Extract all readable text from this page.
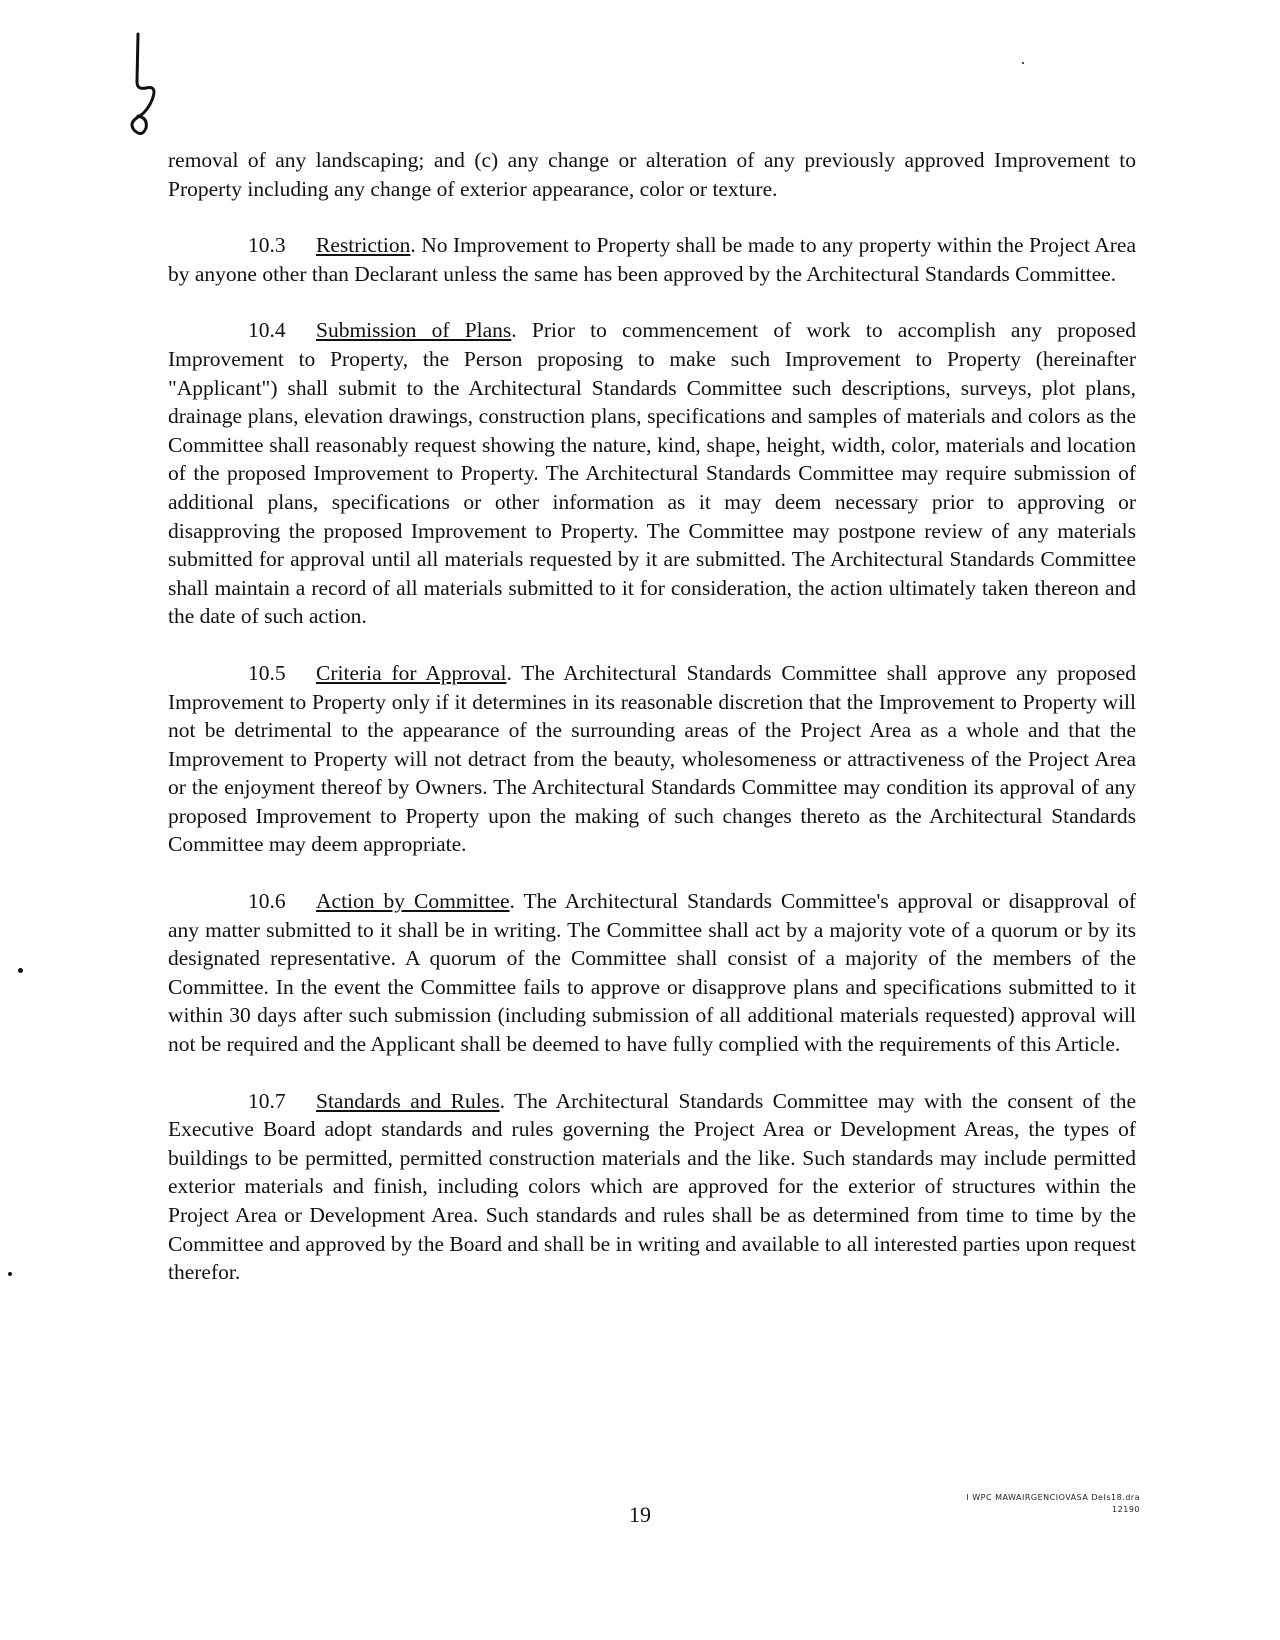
removal of any landscaping; and (c) any change or alteration of any previously approved Improvement to Property including any change of exterior appearance, color or texture.

10.3 Restriction. No Improvement to Property shall be made to any property within the Project Area by anyone other than Declarant unless the same has been approved by the Architectural Standards Committee.

10.4 Submission of Plans. Prior to commencement of work to accomplish any proposed Improvement to Property, the Person proposing to make such Improvement to Property (hereinafter "Applicant") shall submit to the Architectural Standards Committee such descriptions, surveys, plot plans, drainage plans, elevation drawings, construction plans, specifications and samples of materials and colors as the Committee shall reasonably request showing the nature, kind, shape, height, width, color, materials and location of the proposed Improvement to Property. The Architectural Standards Committee may require submission of additional plans, specifications or other information as it may deem necessary prior to approving or disapproving the proposed Improvement to Property. The Committee may postpone review of any materials submitted for approval until all materials requested by it are submitted. The Architectural Standards Committee shall maintain a record of all materials submitted to it for consideration, the action ultimately taken thereon and the date of such action.

10.5 Criteria for Approval. The Architectural Standards Committee shall approve any proposed Improvement to Property only if it determines in its reasonable discretion that the Improvement to Property will not be detrimental to the appearance of the surrounding areas of the Project Area as a whole and that the Improvement to Property will not detract from the beauty, wholesomeness or attractiveness of the Project Area or the enjoyment thereof by Owners. The Architectural Standards Committee may condition its approval of any proposed Improvement to Property upon the making of such changes thereto as the Architectural Standards Committee may deem appropriate.

10.6 Action by Committee. The Architectural Standards Committee's approval or disapproval of any matter submitted to it shall be in writing. The Committee shall act by a majority vote of a quorum or by its designated representative. A quorum of the Committee shall consist of a majority of the members of the Committee. In the event the Committee fails to approve or disapprove plans and specifications submitted to it within 30 days after such submission (including submission of all additional materials requested) approval will not be required and the Applicant shall be deemed to have fully complied with the requirements of this Article.

10.7 Standards and Rules. The Architectural Standards Committee may with the consent of the Executive Board adopt standards and rules governing the Project Area or Development Areas, the types of buildings to be permitted, permitted construction materials and the like. Such standards may include permitted exterior materials and finish, including colors which are approved for the exterior of structures within the Project Area or Development Area. Such standards and rules shall be as determined from time to time by the Committee and approved by the Board and shall be in writing and available to all interested parties upon request therefor.

19
I WPC MAWAIRGENCIOVASA DeIs18.dra
12190
